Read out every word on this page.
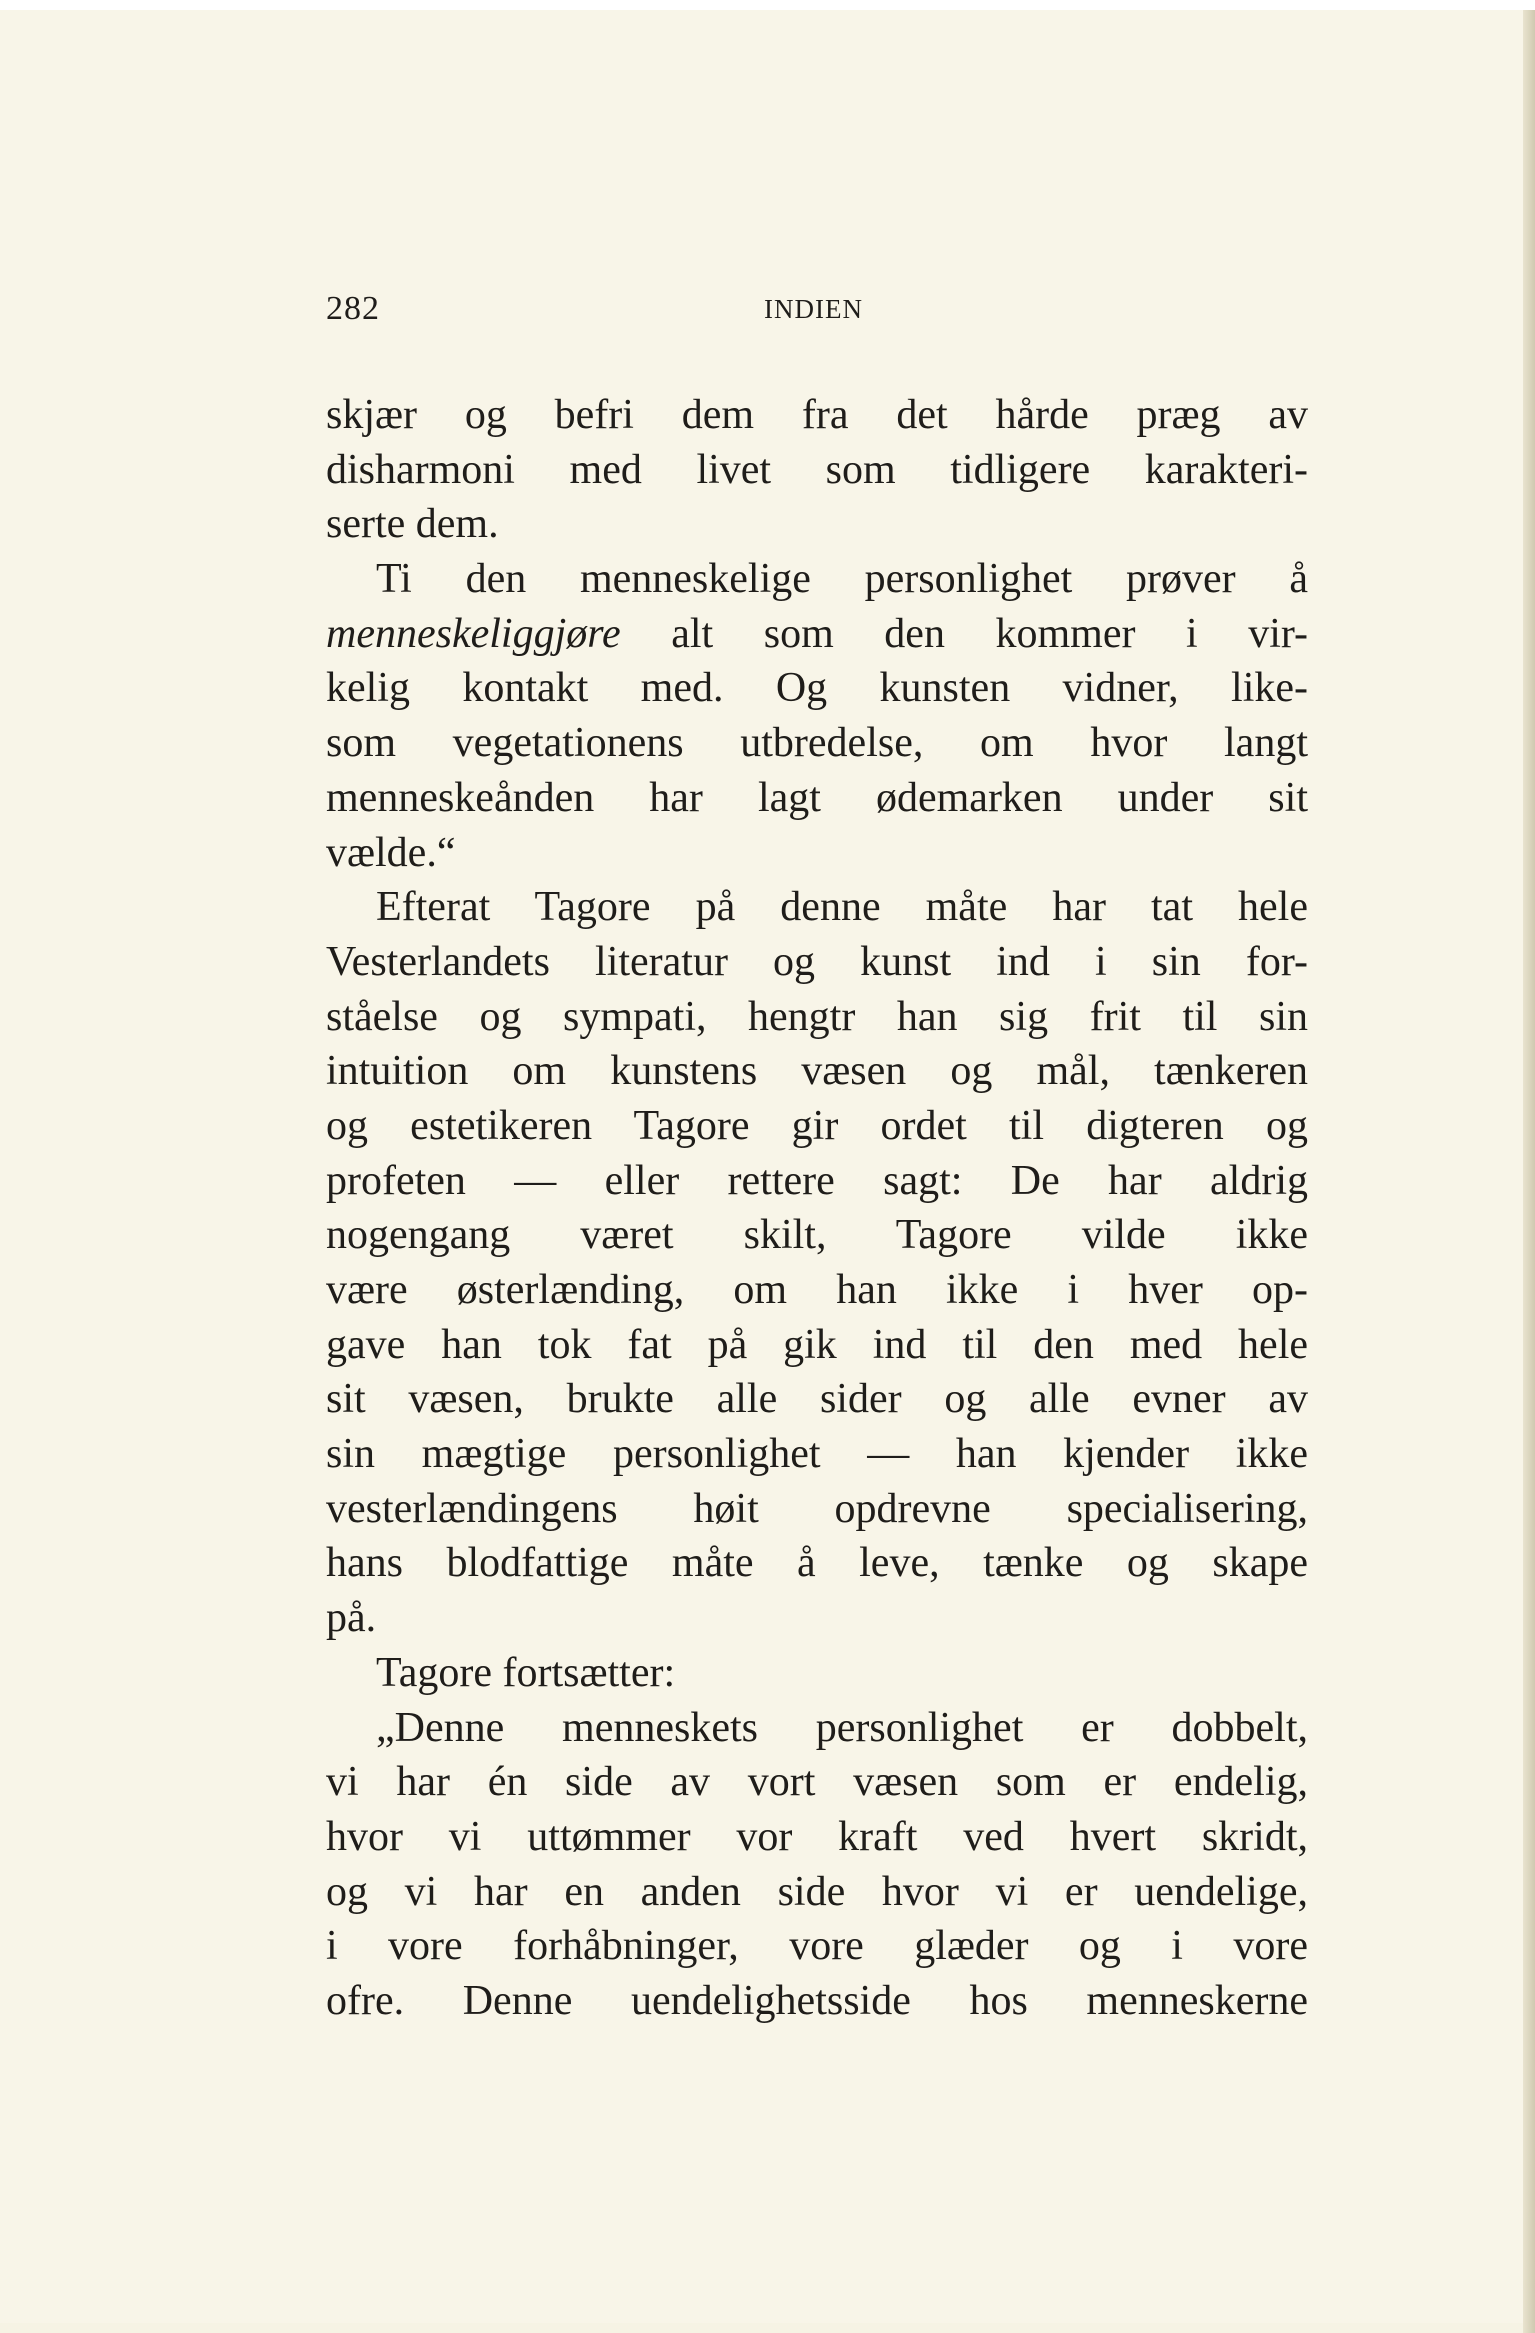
282	INDIEN
skjær og befri dem fra det hårde præg av
disharmoni med livet som tidligere karakteri-
serte dem.
Ti den menneskelige personlighet prøver å
menneskeliggjøre alt som den kommer i vir-
kelig kontakt med. Og kunsten vidner, like-
som vegetationens utbredelse, om hvor langt
menneskeånden har lagt ødemarken under sit
vælde.“
Efterat Tagore på denne måte har tat hele
Vesterlandets literatur og kunst ind i sin for-
ståelse og sympati, hengtr han sig frit til sin
intuition om kunstens væsen og mål, tænkeren
og estetikeren Tagore gir ordet til digteren og
profeten — eller rettere sagt: De har aldrig
nogengang været skilt, Tagore vilde ikke
være østerlænding, om han ikke i hver op-
gave han tok fat på gik ind til den med hele
sit væsen, brukte alle sider og alle evner av
sin mægtige personlighet — han kjender ikke
vesterlændingens høit opdrevne specialisering,
hans blodfattige måte å leve, tænke og skape
på.
Tagore fortsætter:
„Denne menneskets personlighet er dobbelt,
vi har én side av vort væsen som er endelig,
hvor vi uttømmer vor kraft ved hvert skridt,
og vi har en anden side hvor vi er uendelige,
i vore forhåbninger, vore glæder og i vore
ofre. Denne uendelighetsside hos menneskerne
